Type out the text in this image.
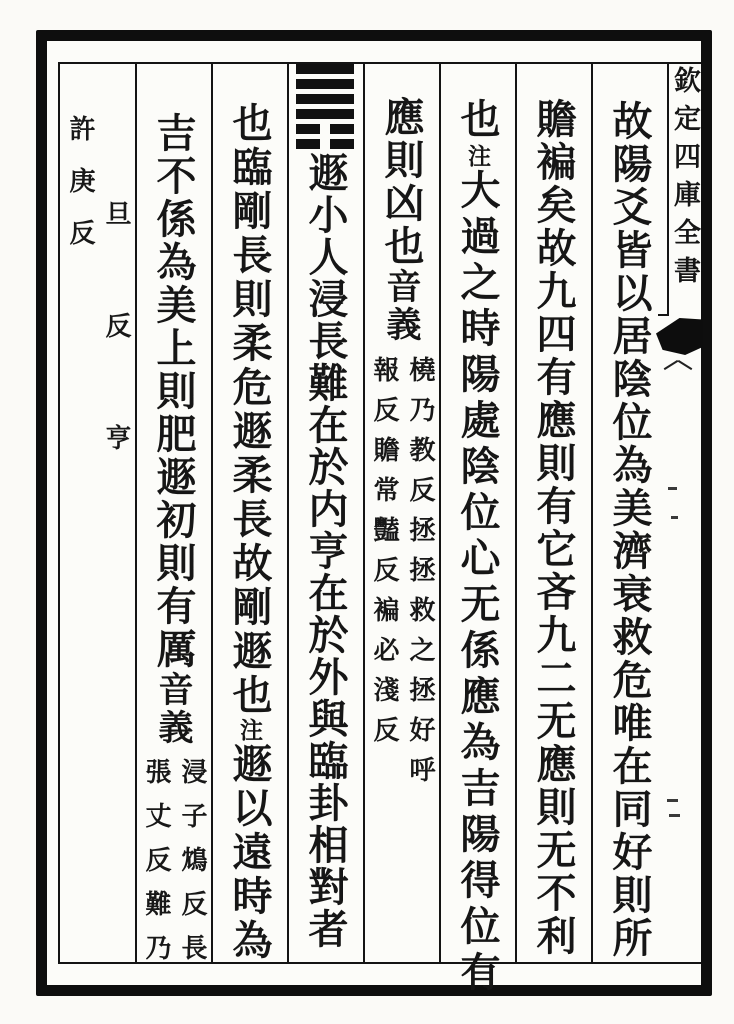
欽定四庫全書
故陽爻皆以居陰位為美濟衰救危唯在同好則所
贍褊矣故九四有應則有它吝九二无應則无不利
也注大過之時陽處陰位心无係應為吉陽得位有
應則凶也音義
橈乃教反拯拯救之拯好呼
報反贍常豔反褊必淺反
遯小人浸長難在於内亨在於外與臨卦相對者
也臨剛長則柔危遯柔長故剛遯也注遯以遠時為
吉不係為美上則肥遯初則有厲音義
浸子鴆反長
張丈反難乃
旦反亨
許庚反
